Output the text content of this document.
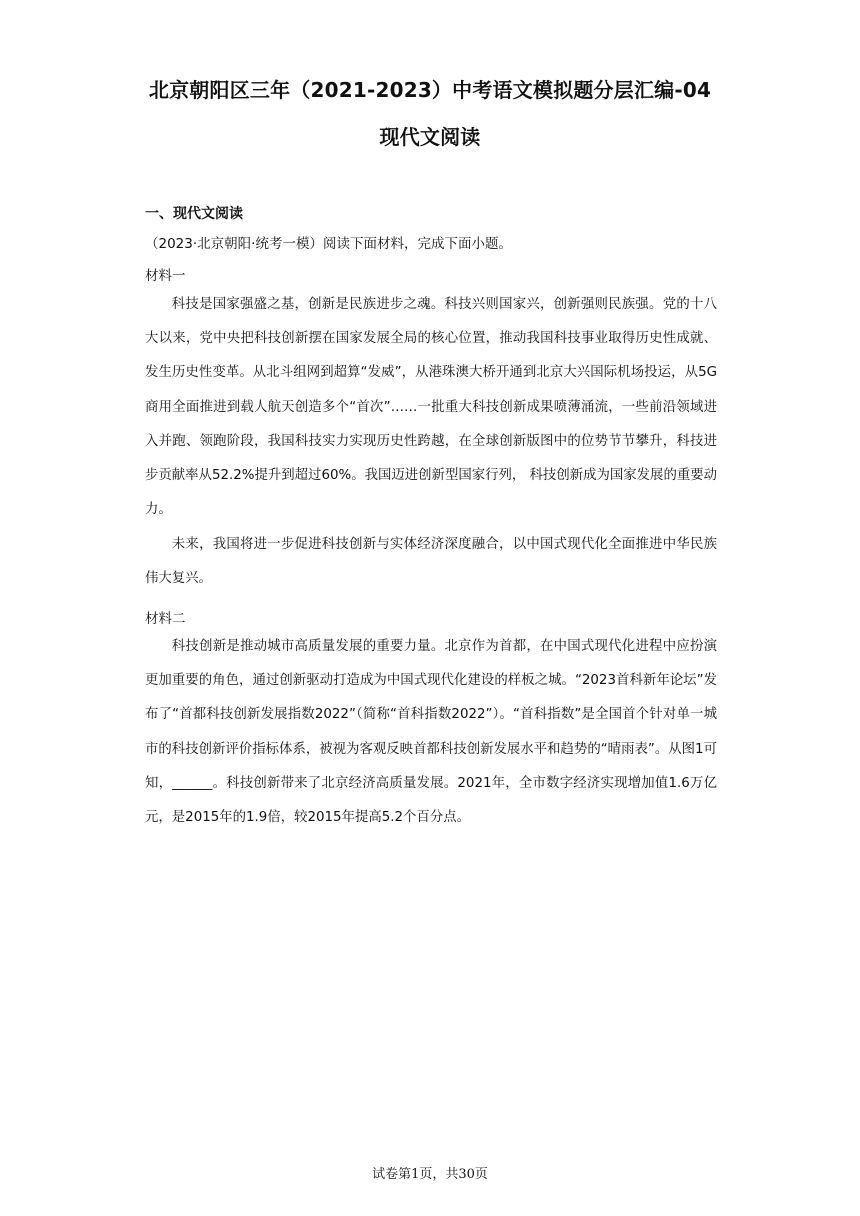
北京朝阳区三年（2021-2023）中考语文模拟题分层汇编-04
现代文阅读
一、现代文阅读
（2023·北京朝阳·统考一模）阅读下面材料，完成下面小题。
材料一

科技是国家强盛之基，创新是民族进步之魂。科技兴则国家兴，创新强则民族强。党的十八大以来，党中央把科技创新摆在国家发展全局的核心位置，推动我国科技事业取得历史性成就、发生历史性变革。从北斗组网到超算“发威”，从港珠澳大桥开通到北京大兴国际机场投运，从5G商用全面推进到载人航天创造多个“首次”……一批重大科技创新成果喷薄涌流，一些前沿领域进入并跑、领跑阶段，我国科技实力实现历史性跨越，在全球创新版图中的位势节节攀升，科技进步贡献率从52.2%提升到超过60%。我国迈进创新型国家行列， 科技创新成为国家发展的重要动力。

未来，我国将进一步促进科技创新与实体经济深度融合，以中国式现代化全面推进中华民族伟大复兴。

材料二

科技创新是推动城市高质量发展的重要力量。北京作为首都，在中国式现代化进程中应扮演更加重要的角色，通过创新驱动打造成为中国式现代化建设的样板之城。“2023首科新年论坛”发布了“首都科技创新发展指数2022”（简称“首科指数2022”）。“首科指数”是全国首个针对单一城市的科技创新评价指标体系，被视为客观反映首都科技创新发展水平和趋势的“晴雨表”。从图1可知，______。科技创新带来了北京经济高质量发展。2021年，全市数字经济实现增加值1.6万亿元，是2015年的1.9倍，较2015年提高5.2个百分点。

试卷第1页，共30页
